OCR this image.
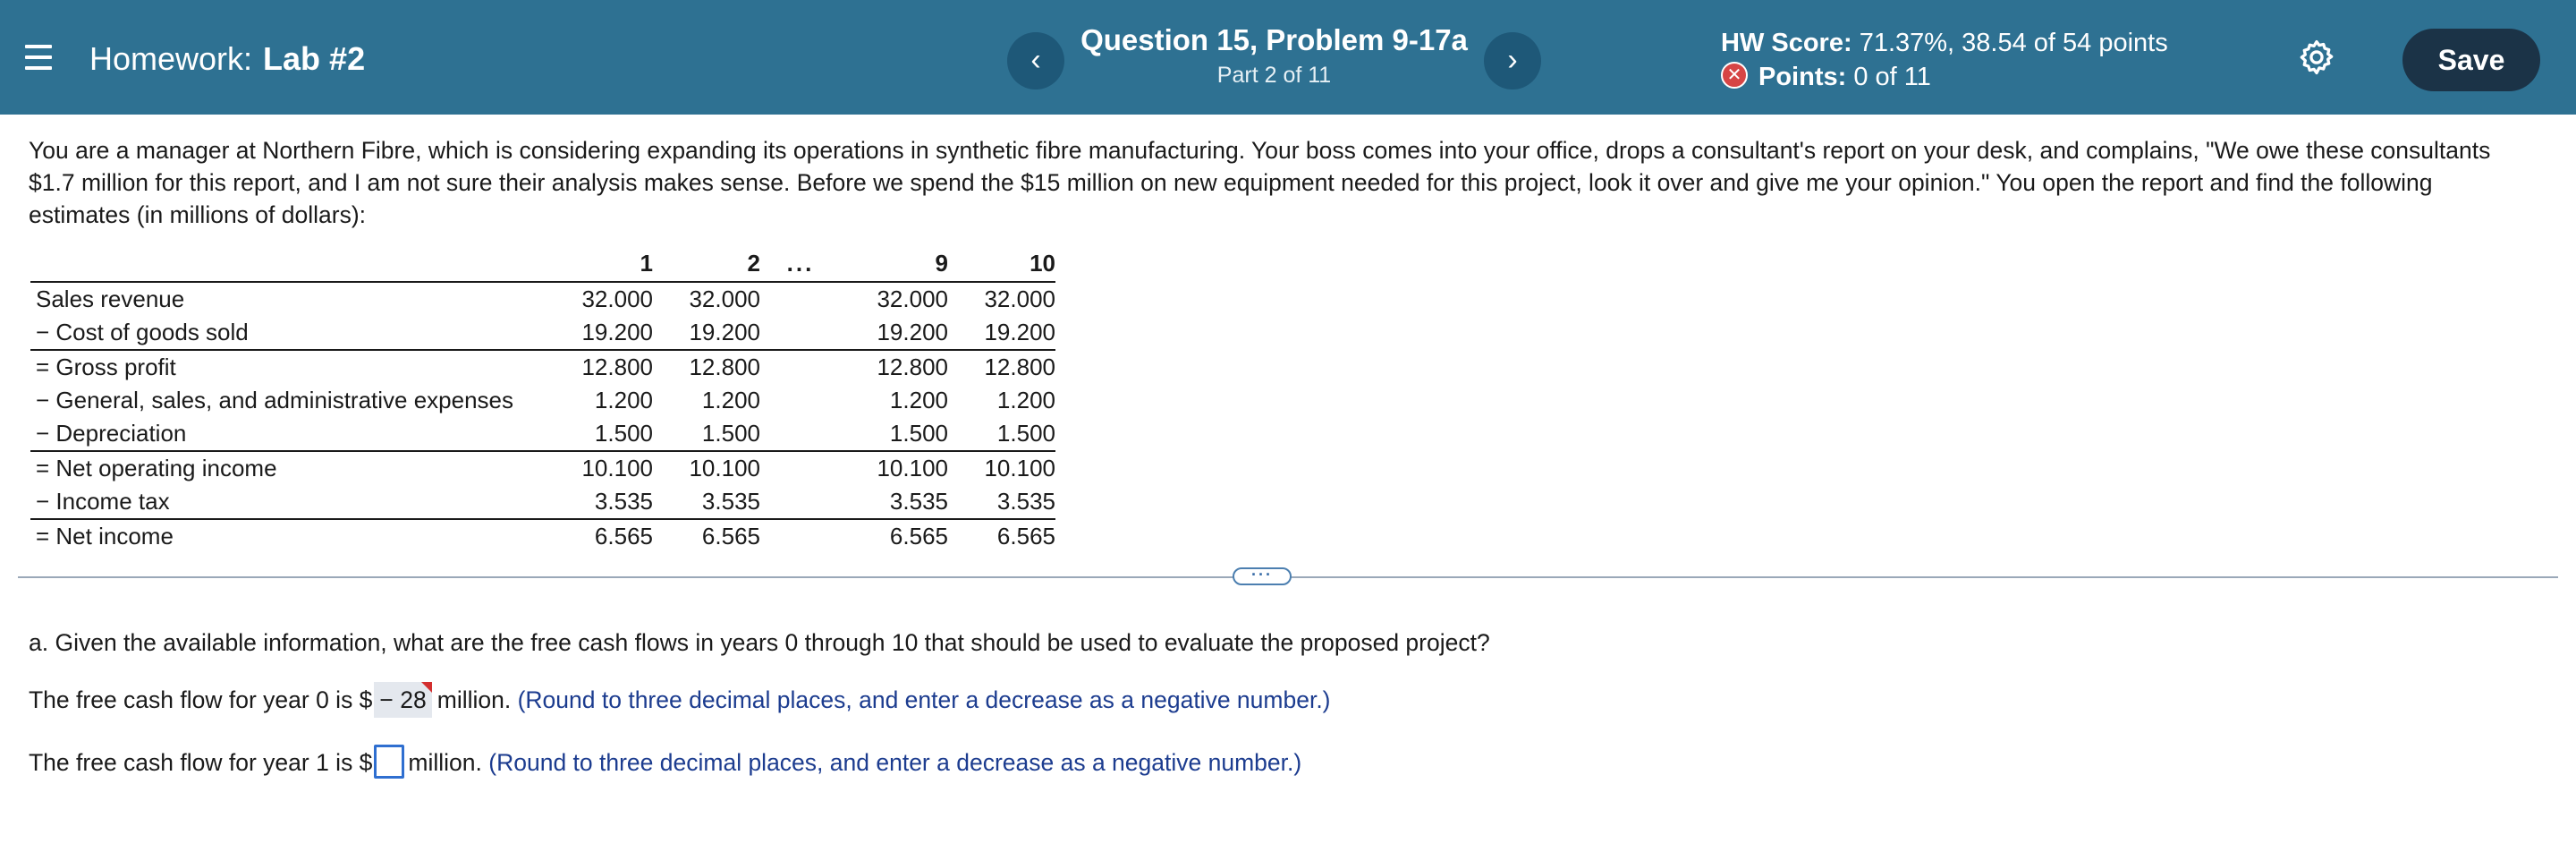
Homework: Lab #2	‹
Question 15, Problem 9-17a
Part 2 of 11	›	HW Score: 71.37%, 38.54 of 54 points
✕ Points: 0 of 11
Save
You are a manager at Northern Fibre, which is considering expanding its operations in synthetic fibre manufacturing. Your boss comes into your office, drops a consultant's report on your desk, and complains, "We owe these consultants $1.7 million for this report, and I am not sure their analysis makes sense. Before we spend the $15 million on new equipment needed for this project, look it over and give me your opinion." You open the report and find the following estimates (in millions of dollars):
	1	2	...	9	10
Sales revenue	32.000	32.000		32.000	32.000
− Cost of goods sold	19.200	19.200		19.200	19.200
= Gross profit	12.800	12.800		12.800	12.800
− General, sales, and administrative expenses	1.200	1.200		1.200	1.200
− Depreciation	1.500	1.500		1.500	1.500
= Net operating income	10.100	10.100		10.100	10.100
− Income tax	3.535	3.535		3.535	3.535
= Net income	6.565	6.565		6.565	6.565
···
a. Given the available information, what are the free cash flows in years 0 through 10 that should be used to evaluate the proposed project?
The free cash flow for year 0 is $ − 28 million. (Round to three decimal places, and enter a decrease as a negative number.)
The free cash flow for year 1 is $ million. (Round to three decimal places, and enter a decrease as a negative number.)
